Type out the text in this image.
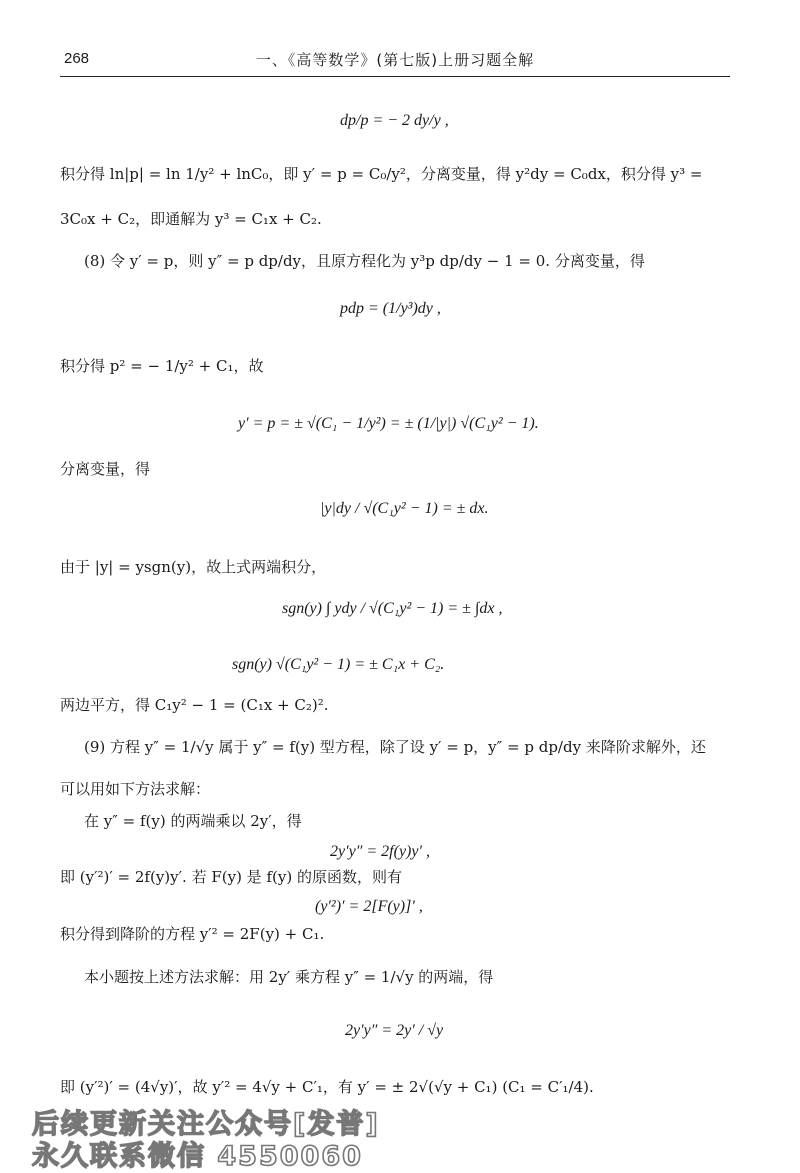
268	一、《高等数学》(第七版)上册习题全解
dp/p = − 2 dy/y ,
积分得 ln|p| = ln 1/y² + lnC₀，即 y′ = p = C₀/y²，分离变量，得 y²dy = C₀dx，积分得 y³ =
3C₀x + C₂，即通解为 y³ = C₁x + C₂.
(8) 令 y′ = p，则 y″ = p dp/dy，且原方程化为 y³p dp/dy − 1 = 0. 分离变量，得
pdp = (1/y³)dy ,
积分得 p² = − 1/y² + C₁，故
y′ = p = ± √(C₁ − 1/y²) = ± (1/|y|) √(C₁y² − 1).
分离变量，得
|y|dy / √(C₁y² − 1) = ± dx.
由于 |y| = ysgn(y)，故上式两端积分，
sgn(y) ∫ ydy / √(C₁y² − 1) = ± ∫dx ,
sgn(y) √(C₁y² − 1) = ± C₁x + C₂.
两边平方，得 C₁y² − 1 = (C₁x + C₂)².
(9) 方程 y″ = 1/√y 属于 y″ = f(y) 型方程，除了设 y′ = p，y″ = p dp/dy 来降阶求解外，还
可以用如下方法求解：
在 y″ = f(y) 的两端乘以 2y′，得
2y′y″ = 2f(y)y′ ,
即 (y′²)′ = 2f(y)y′. 若 F(y) 是 f(y) 的原函数，则有
(y′²)′ = 2[F(y)]′ ,
积分得到降阶的方程 y′² = 2F(y) + C₁.
本小题按上述方法求解：用 2y′ 乘方程 y″ = 1/√y 的两端，得
2y′y″ = 2y′ / √y
即 (y′²)′ = (4√y)′，故 y′² = 4√y + C′₁，有 y′ = ± 2√(√y + C₁) (C₁ = C′₁/4).
后续更新关注公众号[发普]
永久联系微信 4550060
